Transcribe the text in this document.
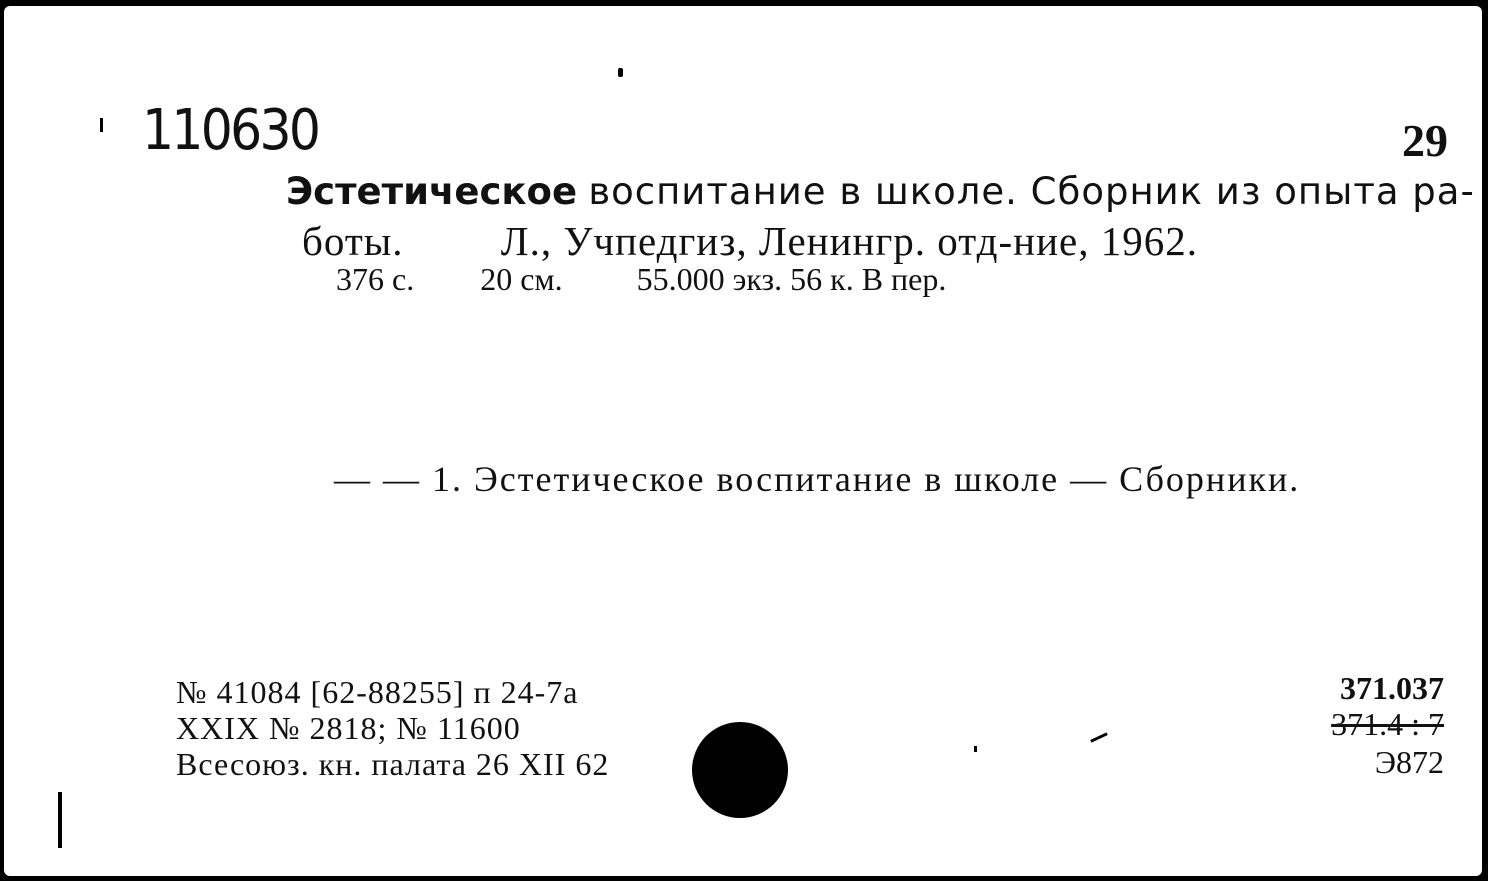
110630	29
Эстетическое воспитание в школе. Сборник из опыта ра-
боты. Л., Учпедгиз, Ленингр. отд-ние, 1962.
376 с. 20 см. 55.000 экз. 56 к. В пер.
— — 1. Эстетическое воспитание в школе — Сборники.
№ 41084 [62-88255] п 24-7а
XXIX № 2818; № 11600
Всесоюз. кн. палата 26 XII 62
371.037
371.4 : 7
Э872
